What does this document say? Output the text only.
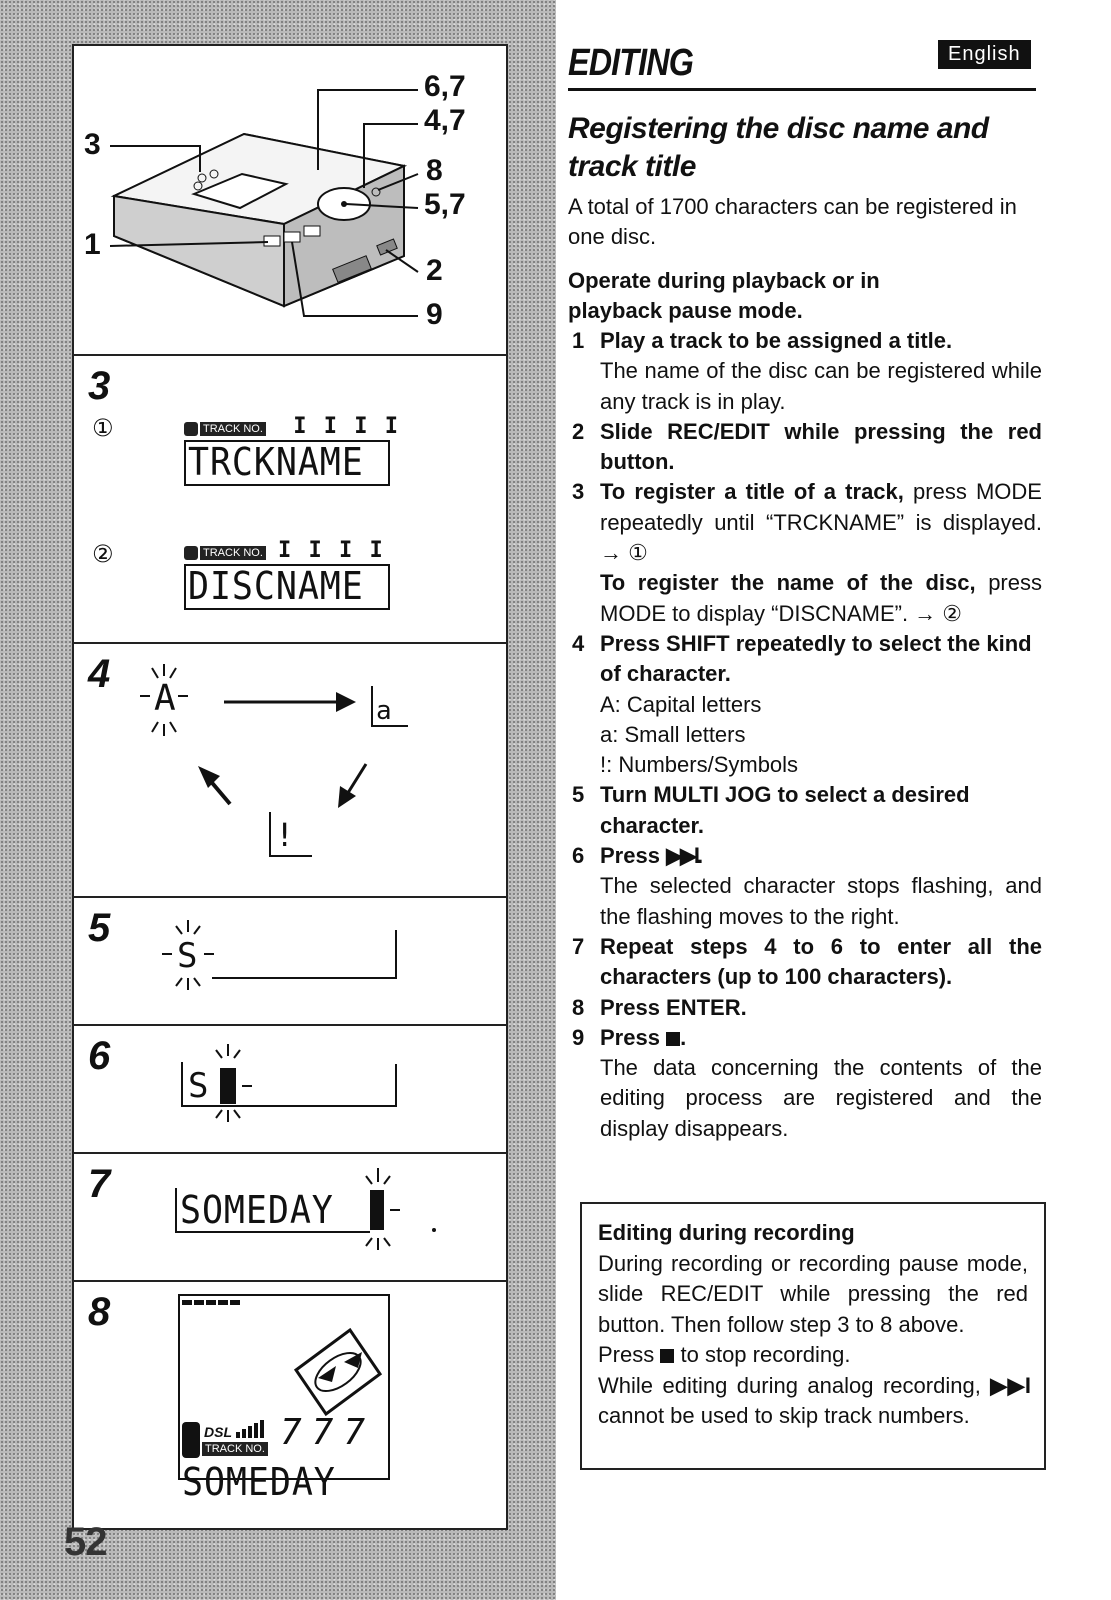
6,7
4,7
3
8
5,7
1
2
9
3
①	TRACK NO.  I I I I
TRCKNAME
②	TRACK NO. I I I I
DISCNAME
4
A	a
!
5
S
6
S
7
SOMEDAY
8
DSL
TRACK NO. 777
SOMEDAY
52
EDITING	English
Registering the disc name and track title
A total of 1700 characters can be registered in one disc.
Operate during playback or in playback pause mode.
1 Play a track to be assigned a title.
The name of the disc can be registered while any track is in play.
2 Slide REC/EDIT while pressing the red button.
3 To register a title of a track, press MODE repeatedly until “TRCKNAME” is displayed. → ①
To register the name of the disc, press MODE to display “DISCNAME”. → ②
4 Press SHIFT repeatedly to select the kind of character.
A: Capital letters
a: Small letters
!: Numbers/Symbols
5 Turn MULTI JOG to select a desired character.
6 Press ▶▶I.
The selected character stops flashing, and the flashing moves to the right.
7 Repeat steps 4 to 6 to enter all the characters (up to 100 characters).
8 Press ENTER.
9 Press .
The data concerning the contents of the editing process are registered and the display disappears.
Editing during recording
During recording or recording pause mode, slide REC/EDIT while pressing the red button. Then follow step 3 to 8 above.
Press to stop recording.
While editing during analog recording, ▶▶I cannot be used to skip track numbers.
